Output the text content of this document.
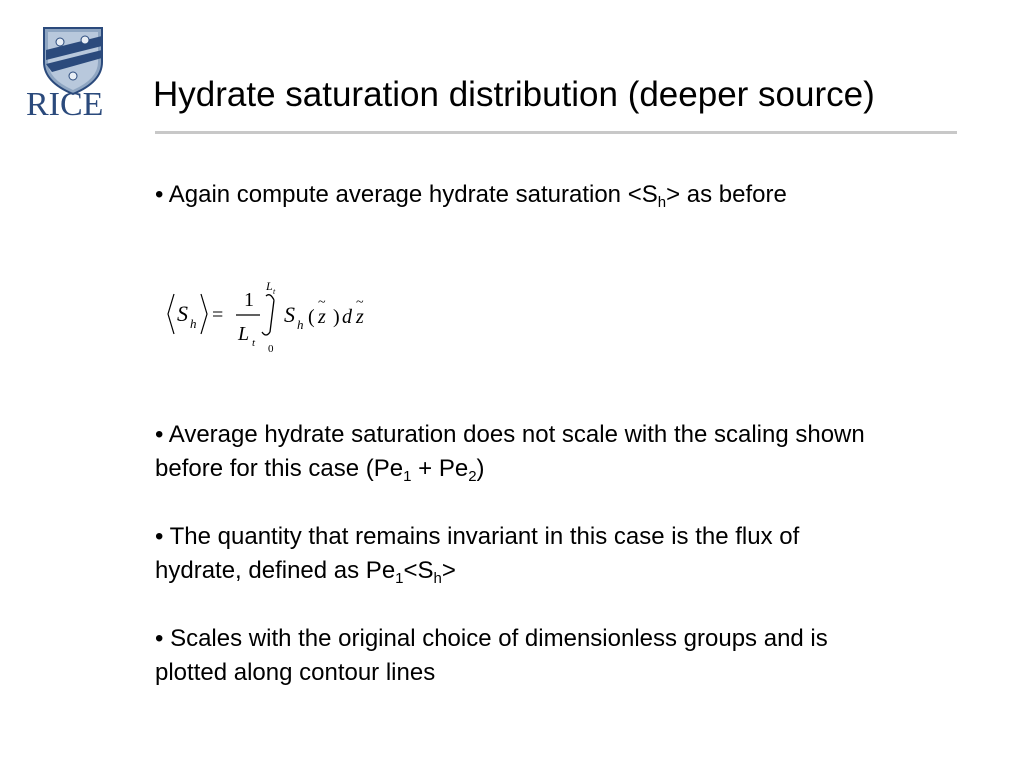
RICE Hydrate saturation distribution (deeper source)
• Again compute average hydrate saturation $<S_h>$ as before
S h =
1
L t
L t
0
S h (
~
z ) d
~
z
• Average hydrate saturation does not scale with the scaling shown before for this case $(Pe_1 + Pe_2)$
• The quantity that remains invariant in this case is the flux of hydrate, defined as $Pe_1<S_h>$
• Scales with the original choice of dimensionless groups and is plotted along contour lines
